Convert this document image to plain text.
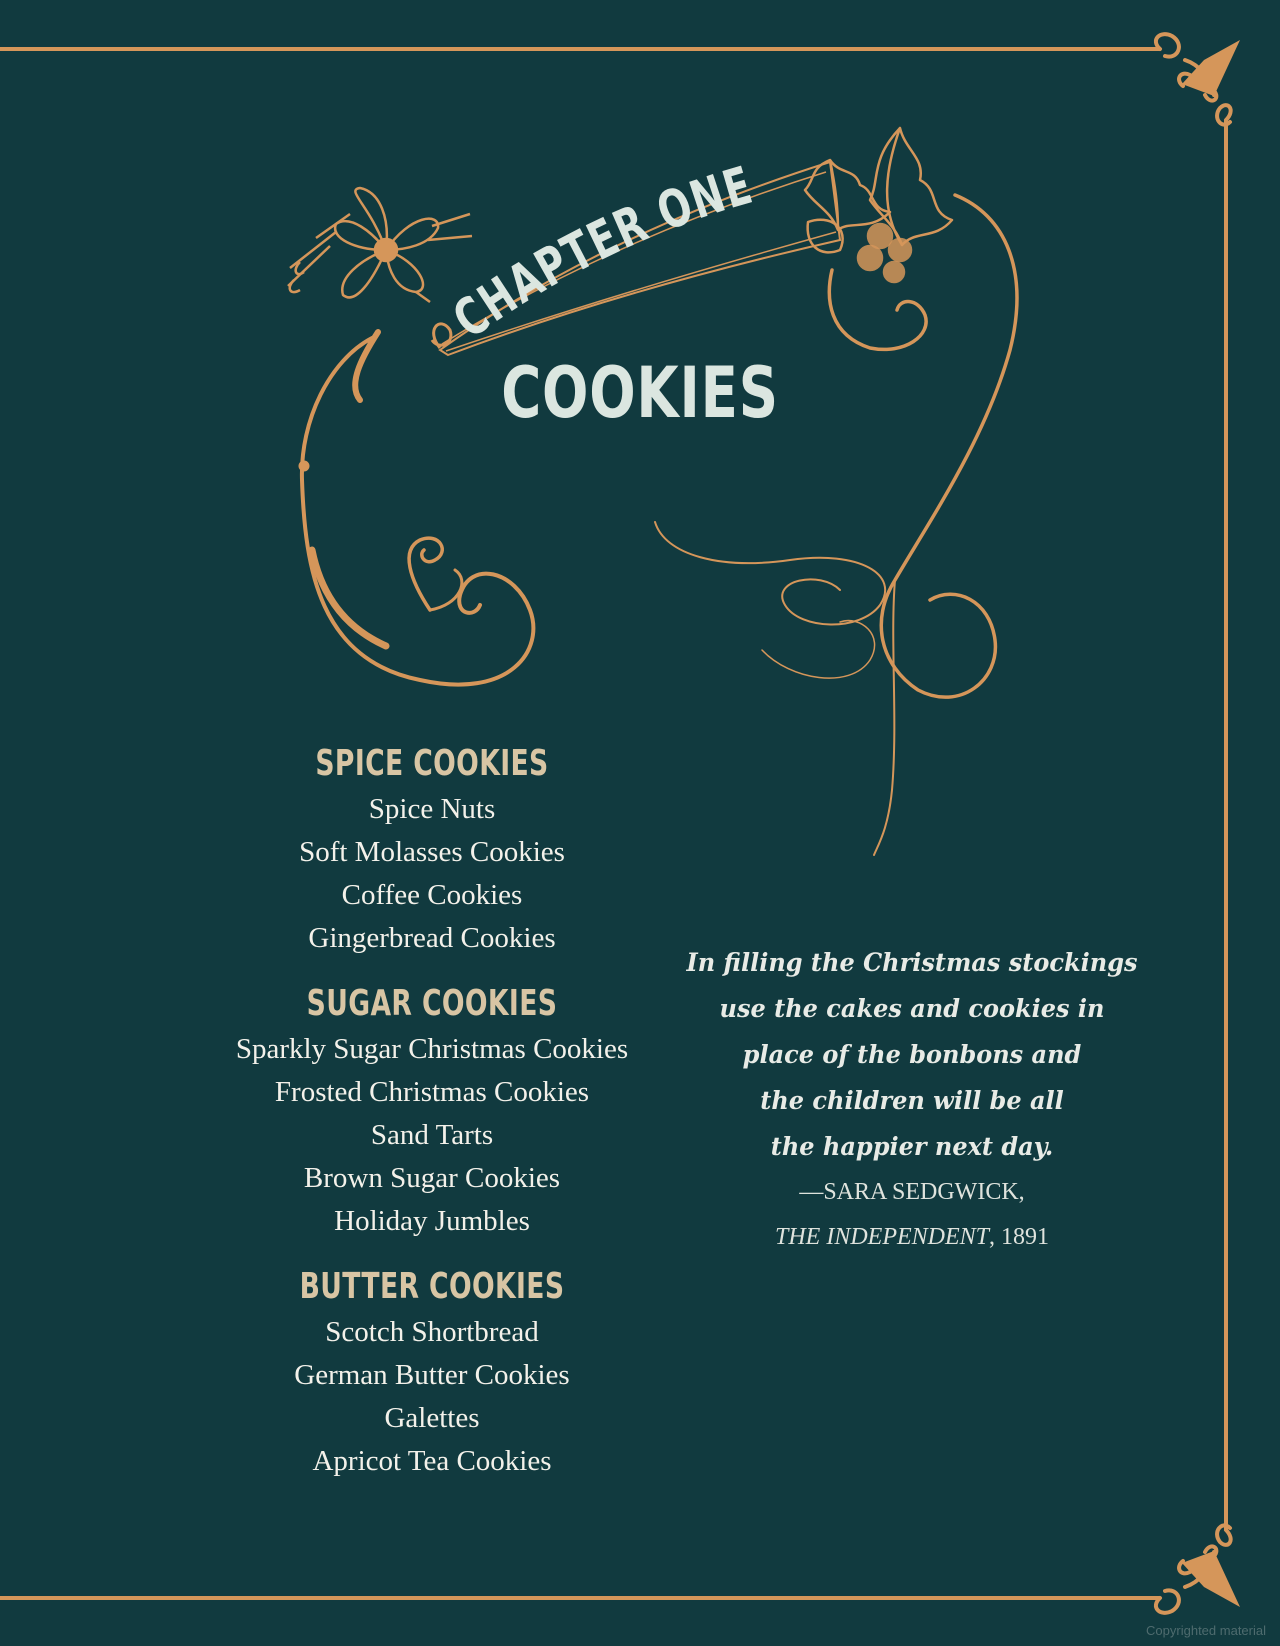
CHAPTER ONE
COOKIES

SPICE COOKIES

Spice Nuts

Soft Molasses Cookies

Coffee Cookies

Gingerbread Cookies

SUGAR COOKIES

Sparkly Sugar Christmas Cookies

Frosted Christmas Cookies

Sand Tarts

Brown Sugar Cookies

Holiday Jumbles

BUTTER COOKIES

Scotch Shortbread

German Butter Cookies

Galettes

Apricot Tea Cookies

In filling the Christmas stockings

use the cakes and cookies in

place of the bonbons and

the children will be all

the happier next day.

—SARA SEDGWICK,

THE INDEPENDENT, 1891

Copyrighted material
